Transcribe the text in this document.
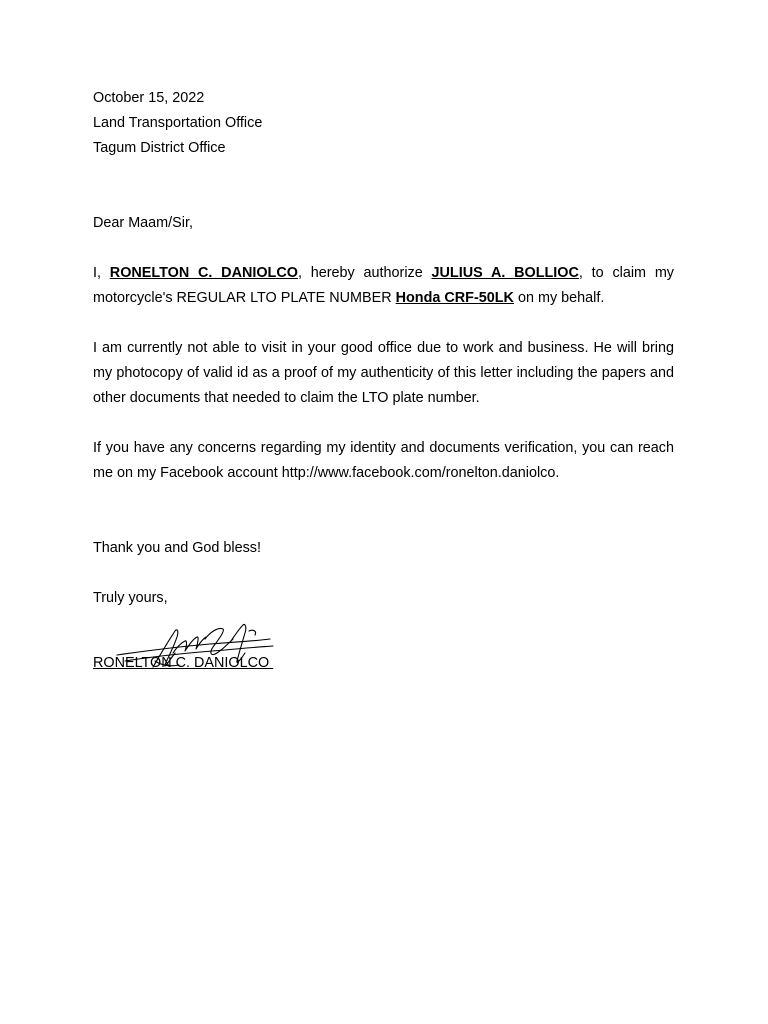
October 15, 2022
Land Transportation Office
Tagum District Office
Dear Maam/Sir,

I, RONELTON C. DANIOLCO, hereby authorize JULIUS A. BOLLIOC, to claim my motorcycle's REGULAR LTO PLATE NUMBER Honda CRF-50LK on my behalf.

I am currently not able to visit in your good office due to work and business. He will bring my photocopy of valid id as a proof of my authenticity of this letter including the papers and other documents that needed to claim the LTO plate number.

If you have any concerns regarding my identity and documents verification, you can reach me on my Facebook account http://www.facebook.com/ronelton.daniolco.

Thank you and God bless!
Truly yours,
RONELTON C. DANIOLCO
